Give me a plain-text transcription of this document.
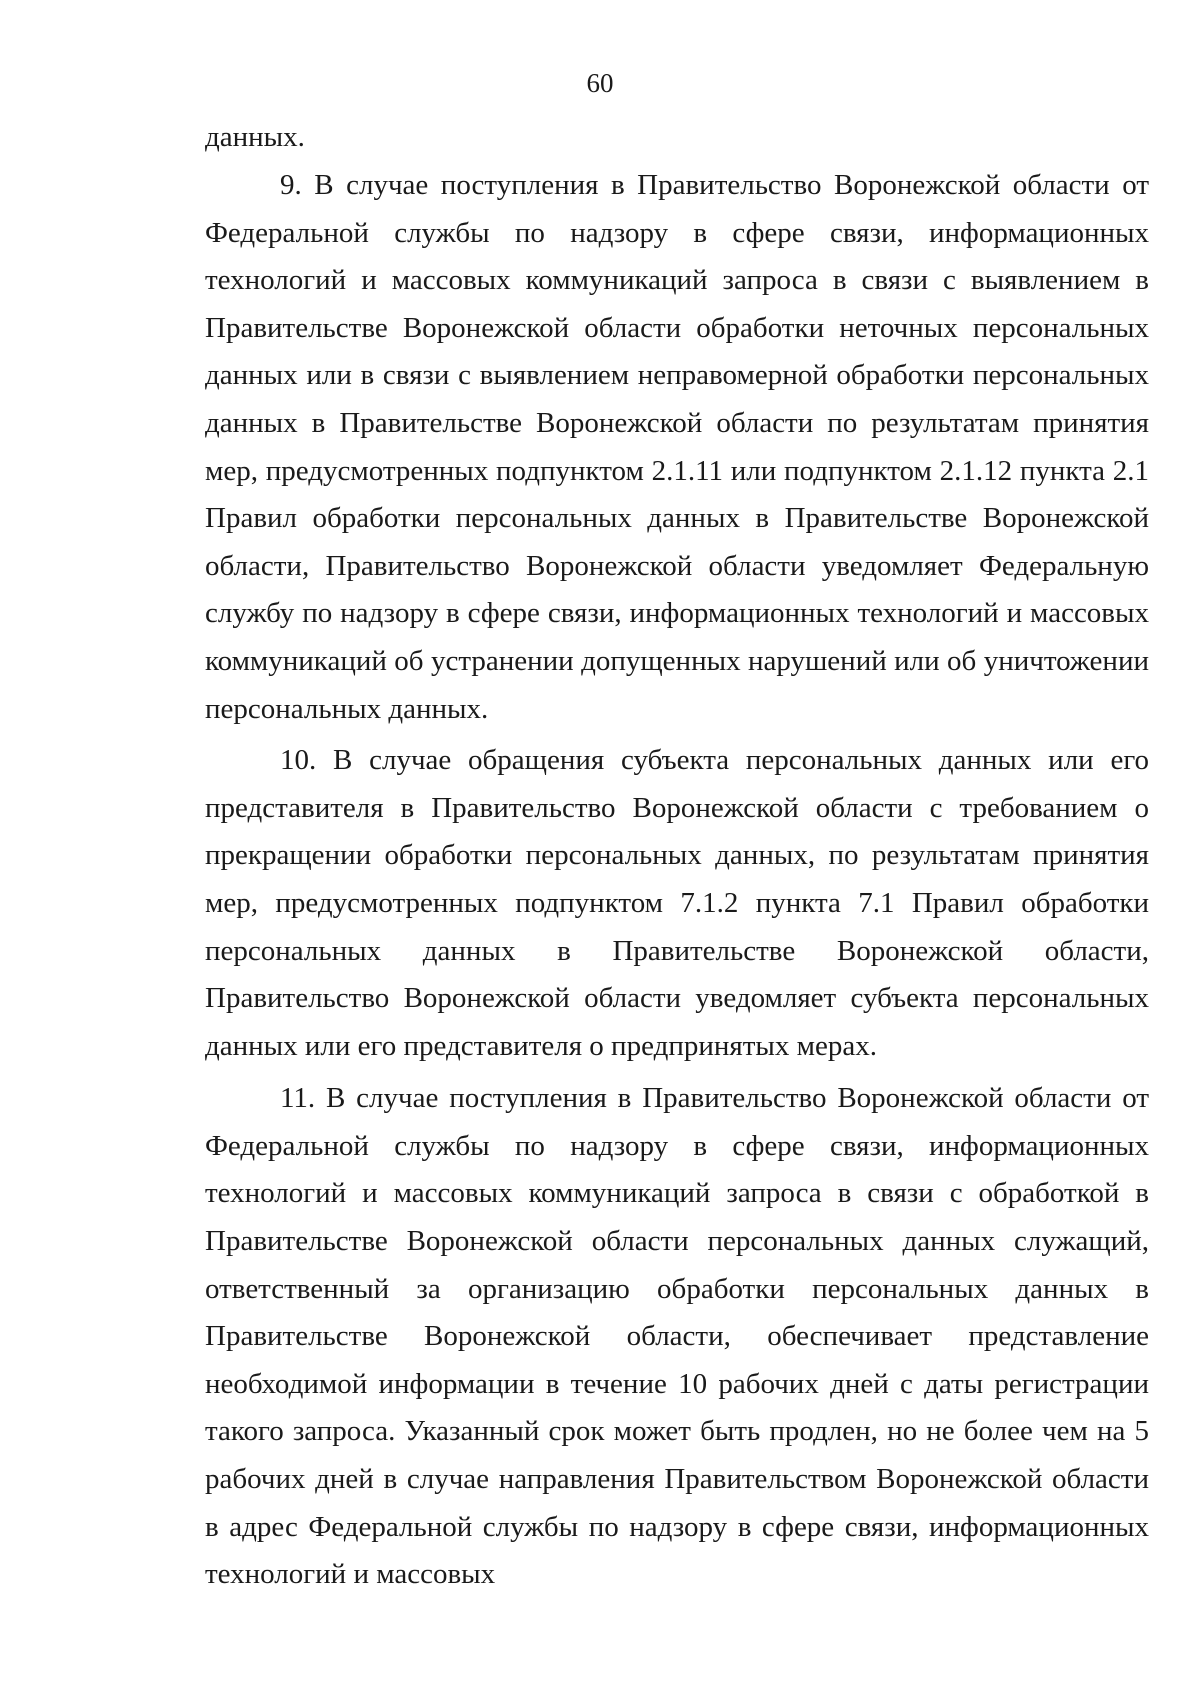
60

данных.

9. В случае поступления в Правительство Воронежской области от Федеральной службы по надзору в сфере связи, информационных технологий и массовых коммуникаций запроса в связи с выявлением в Правительстве Воронежской области обработки неточных персональных данных или в связи с выявлением неправомерной обработки персональных данных в Правительстве Воронежской области по результатам принятия мер, предусмотренных подпунктом 2.1.11 или подпунктом 2.1.12 пункта 2.1 Правил обработки персональных данных в Правительстве Воронежской области, Правительство Воронежской области уведомляет Федеральную службу по надзору в сфере связи, информационных технологий и массовых коммуникаций об устранении допущенных нарушений или об уничтожении персональных данных.

10. В случае обращения субъекта персональных данных или его представителя в Правительство Воронежской области с требованием о прекращении обработки персональных данных, по результатам принятия мер, предусмотренных подпунктом 7.1.2 пункта 7.1 Правил обработки персональных данных в Правительстве Воронежской области, Правительство Воронежской области уведомляет субъекта персональных данных или его представителя о предпринятых мерах.

11. В случае поступления в Правительство Воронежской области от Федеральной службы по надзору в сфере связи, информационных технологий и массовых коммуникаций запроса в связи с обработкой в Правительстве Воронежской области персональных данных служащий, ответственный за организацию обработки персональных данных в Правительстве Воронежской области, обеспечивает представление необходимой информации в течение 10 рабочих дней с даты регистрации такого запроса. Указанный срок может быть продлен, но не более чем на 5 рабочих дней в случае направления Правительством Воронежской области в адрес Федеральной службы по надзору в сфере связи, информационных технологий и массовых
